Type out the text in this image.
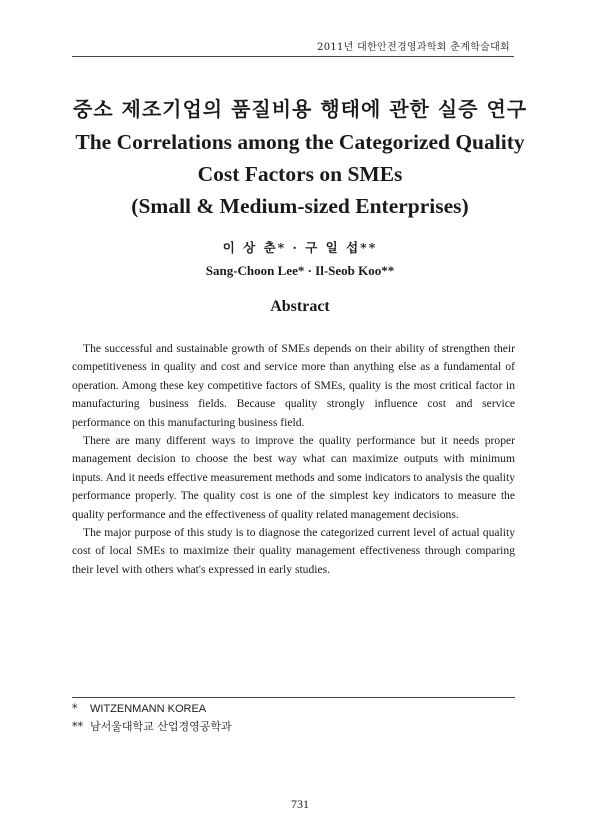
2011년 대한안전경영과학회 춘계학술대회
중소 제조기업의 품질비용 행태에 관한 실증 연구
The Correlations among the Categorized Quality
Cost Factors on SMEs
(Small & Medium-sized Enterprises)
이 상 춘* · 구 일 섭**
Sang-Choon Lee* · Il-Seob Koo**
Abstract

The successful and sustainable growth of SMEs depends on their ability of strengthen their competitiveness in quality and cost and service more than anything else as a fundamental of operation. Among these key competitive factors of SMEs, quality is the most critical factor in manufacturing business fields. Because quality strongly influence cost and service performance on this manufacturing business field.

There are many different ways to improve the quality performance but it needs proper management decision to choose the best way what can maximize outputs with minimum inputs. And it needs effective measurement methods and some indicators to analysis the quality performance properly. The quality cost is one of the simplest key indicators to measure the quality performance and the effectiveness of quality related management decisions.

The major purpose of this study is to diagnose the categorized current level of actual quality cost of local SMEs to maximize their quality management effectiveness through comparing their level with others what's expressed in early studies.

* WITZENMANN KOREA
** 남서울대학교 산업경영공학과
731
